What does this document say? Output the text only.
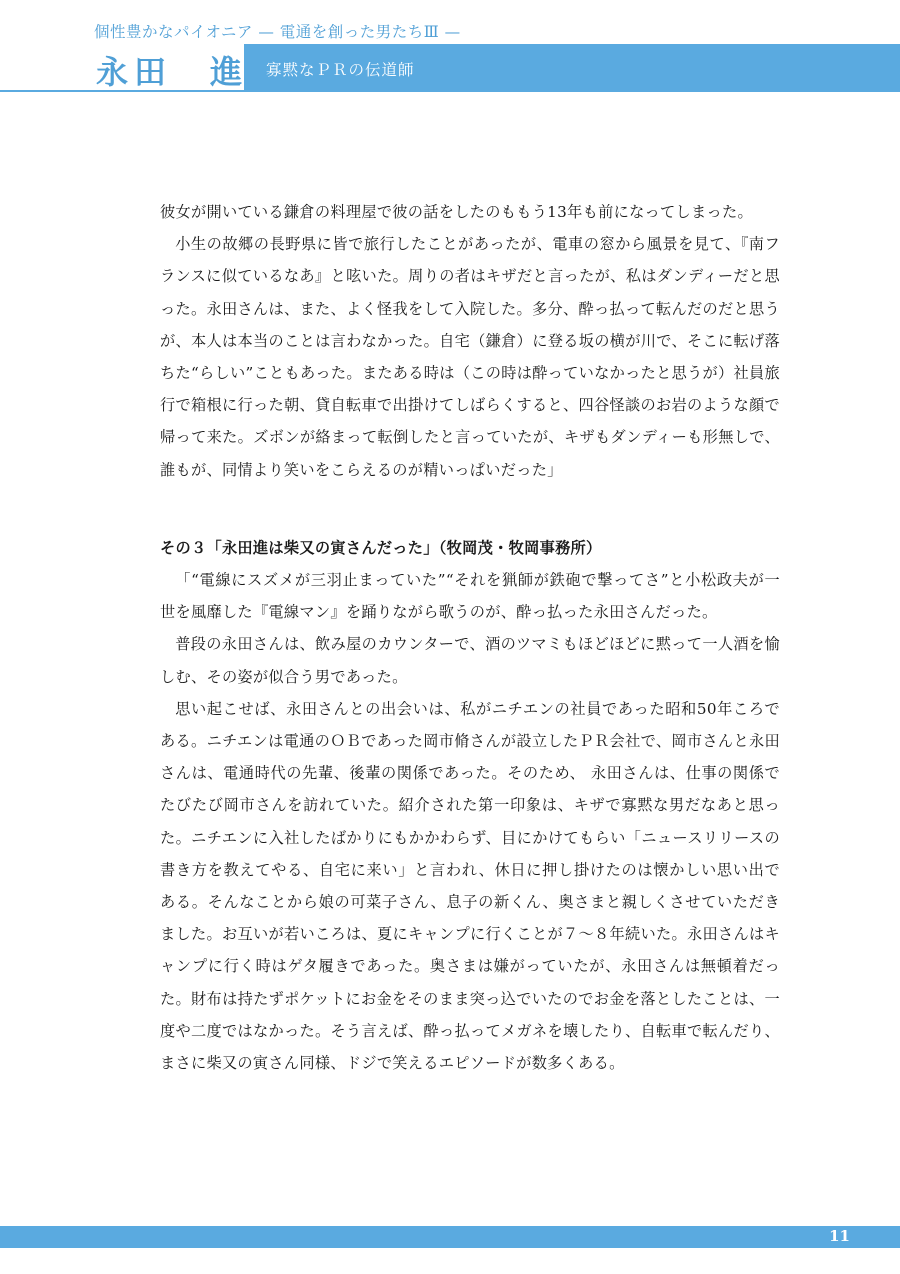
個性豊かなパイオニア — 電通を創った男たちⅢ —
永田　進 寡黙なＰＲの伝道師

彼女が開いている鎌倉の料理屋で彼の話をしたのももう13年も前になってしまった。

小生の故郷の長野県に皆で旅行したことがあったが、電車の窓から風景を見て、『南フランスに似ているなあ』と呟いた。周りの者はキザだと言ったが、私はダンディーだと思った。永田さんは、また、よく怪我をして入院した。多分、酔っ払って転んだのだと思うが、本人は本当のことは言わなかった。自宅（鎌倉）に登る坂の横が川で、そこに転げ落ちた“らしい”こともあった。またある時は（この時は酔っていなかったと思うが）社員旅行で箱根に行った朝、貸自転車で出掛けてしばらくすると、四谷怪談のお岩のような顔で帰って来た。ズボンが絡まって転倒したと言っていたが、キザもダンディーも形無しで、誰もが、同情より笑いをこらえるのが精いっぱいだった」

その３「永田進は柴又の寅さんだった」（牧岡茂・牧岡事務所）

「“電線にスズメが三羽止まっていた”“それを猟師が鉄砲で撃ってさ”と小松政夫が一世を風靡した『電線マン』を踊りながら歌うのが、酔っ払った永田さんだった。

普段の永田さんは、飲み屋のカウンターで、酒のツマミもほどほどに黙って一人酒を愉しむ、その姿が似合う男であった。

思い起こせば、永田さんとの出会いは、私がニチエンの社員であった昭和50年ころである。ニチエンは電通のＯＢであった岡市脩さんが設立したＰＲ会社で、岡市さんと永田さんは、電通時代の先輩、後輩の関係であった。そのため、 永田さんは、仕事の関係でたびたび岡市さんを訪れていた。紹介された第一印象は、キザで寡黙な男だなあと思った。ニチエンに入社したばかりにもかかわらず、目にかけてもらい「ニュースリリースの書き方を教えてやる、自宅に来い」と言われ、休日に押し掛けたのは懐かしい思い出である。そんなことから娘の可菜子さん、息子の新くん、奥さまと親しくさせていただきました。お互いが若いころは、夏にキャンプに行くことが７～８年続いた。永田さんはキャンプに行く時はゲタ履きであった。奥さまは嫌がっていたが、永田さんは無頓着だった。財布は持たずポケットにお金をそのまま突っ込でいたのでお金を落としたことは、一度や二度ではなかった。そう言えば、酔っ払ってメガネを壊したり、自転車で転んだり、まさに柴又の寅さん同様、ドジで笑えるエピソードが数多くある。

11
